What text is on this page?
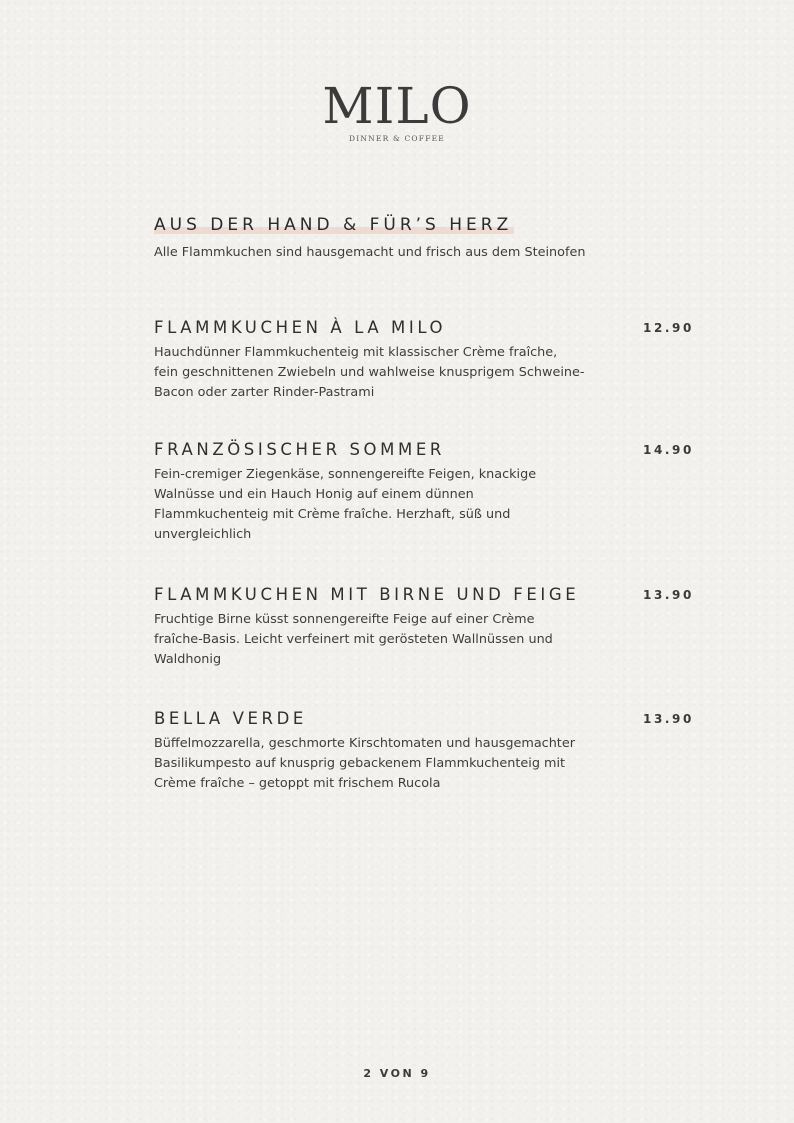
MILO
DINNER & COFFEE
AUS DER HAND & FÜR’S HERZ
Alle Flammkuchen sind hausgemacht und frisch aus dem Steinofen
FLAMMKUCHEN À LA MILO	12.90
Hauchdünner Flammkuchenteig mit klassischer Crème fraîche,
fein geschnittenen Zwiebeln und wahlweise knusprigem Schweine-
Bacon oder zarter Rinder-Pastrami
FRANZÖSISCHER SOMMER	14.90
Fein-cremiger Ziegenkäse, sonnengereifte Feigen, knackige
Walnüsse und ein Hauch Honig auf einem dünnen
Flammkuchenteig mit Crème fraîche. Herzhaft, süß und
unvergleichlich
FLAMMKUCHEN MIT BIRNE UND FEIGE	13.90
Fruchtige Birne küsst sonnengereifte Feige auf einer Crème
fraîche-Basis. Leicht verfeinert mit gerösteten Wallnüssen und
Waldhonig
BELLA VERDE	13.90
Büffelmozzarella, geschmorte Kirschtomaten und hausgemachter
Basilikumpesto auf knusprig gebackenem Flammkuchenteig mit
Crème fraîche – getoppt mit frischem Rucola
2 VON 9
